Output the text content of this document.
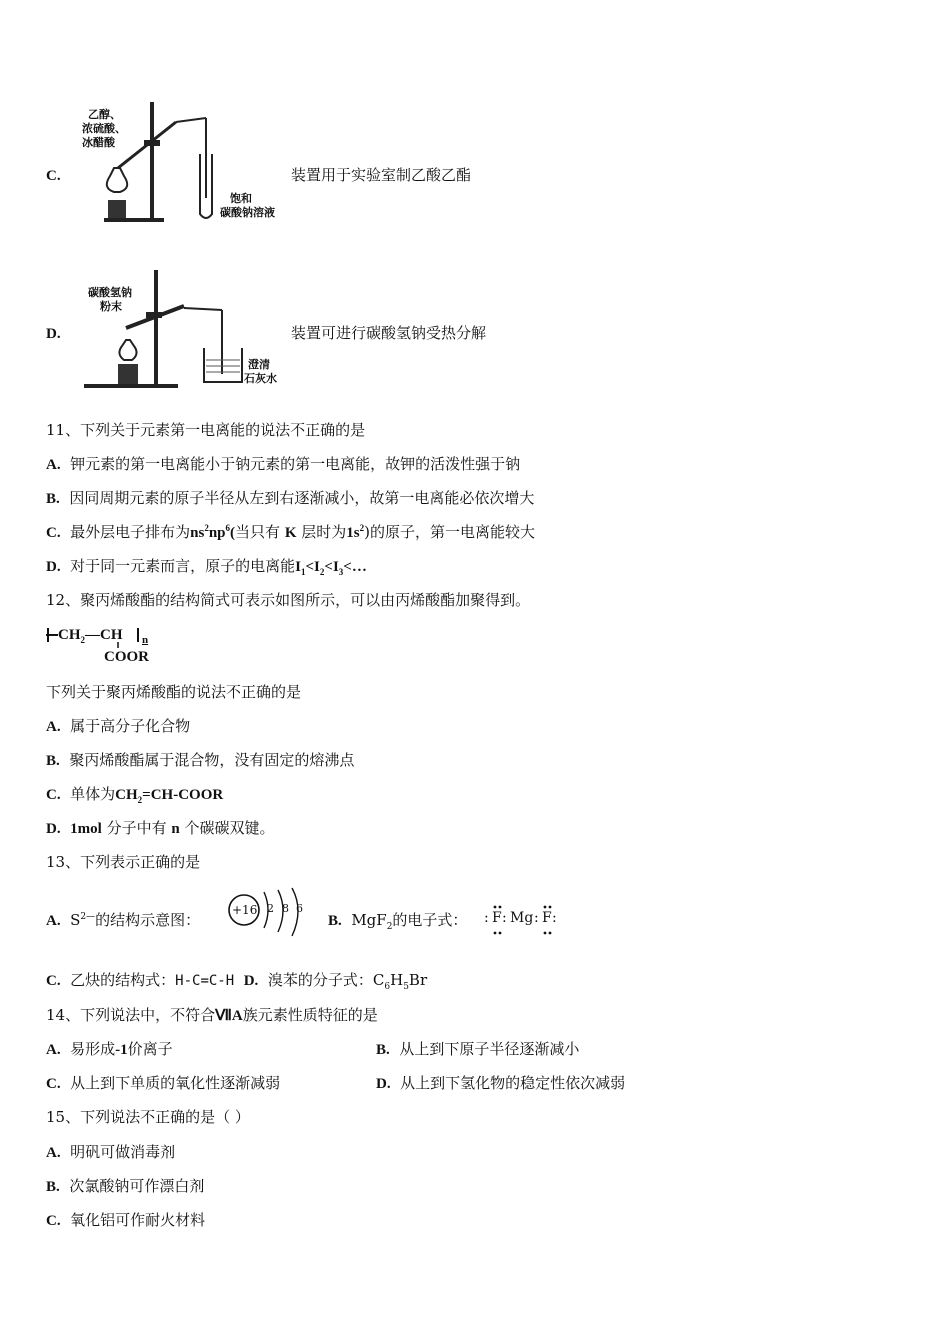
C.
乙醇、
浓硫酸、
冰醋酸
饱和
碳酸钠溶液
装置用于实验室制乙酸乙酯
D.
碳酸氢钠
粉末
澄清
石灰水
装置可进行碳酸氢钠受热分解
11、下列关于元素第一电离能的说法不正确的是
A. 钾元素的第一电离能小于钠元素的第一电离能，故钾的活泼性强于钠
B. 因同周期元素的原子半径从左到右逐渐减小，故第一电离能必依次增大
C. 最外层电子排布为$ns^2np^6$(当只有 K 层时为$1s^2$)的原子，第一电离能较大
D. 对于同一元素而言，原子的电离能$I_1<I_2<I_3<\dots$
12、聚丙烯酸酯的结构简式可表示如图所示，可以由丙烯酸酯加聚得到。
$CH_2—CH$ n
COOR
下列关于聚丙烯酸酯的说法不正确的是
A. 属于高分子化合物
B. 聚丙烯酸酯属于混合物，没有固定的熔沸点
C. 单体为$CH_2=CH$-COOR
D. 1mol 分子中有 n 个碳碳双键。
13、下列表示正确的是
A. $S^{2—}$的结构示意图：
+16 2 8 6
B. MgF$_2$的电子式： : F : Mg : F :
C. 乙炔的结构式：H-C=C-H D. 溴苯的分子式：$C_6H_5Br$
14、下列说法中，不符合ⅦA族元素性质特征的是
A. 易形成-1价离子	B. 从上到下原子半径逐渐减小
C. 从上到下单质的氧化性逐渐减弱	D. 从上到下氢化物的稳定性依次减弱
15、下列说法不正确的是（ ）
A. 明矾可做消毒剂
B. 次氯酸钠可作漂白剂
C. 氧化铝可作耐火材料
